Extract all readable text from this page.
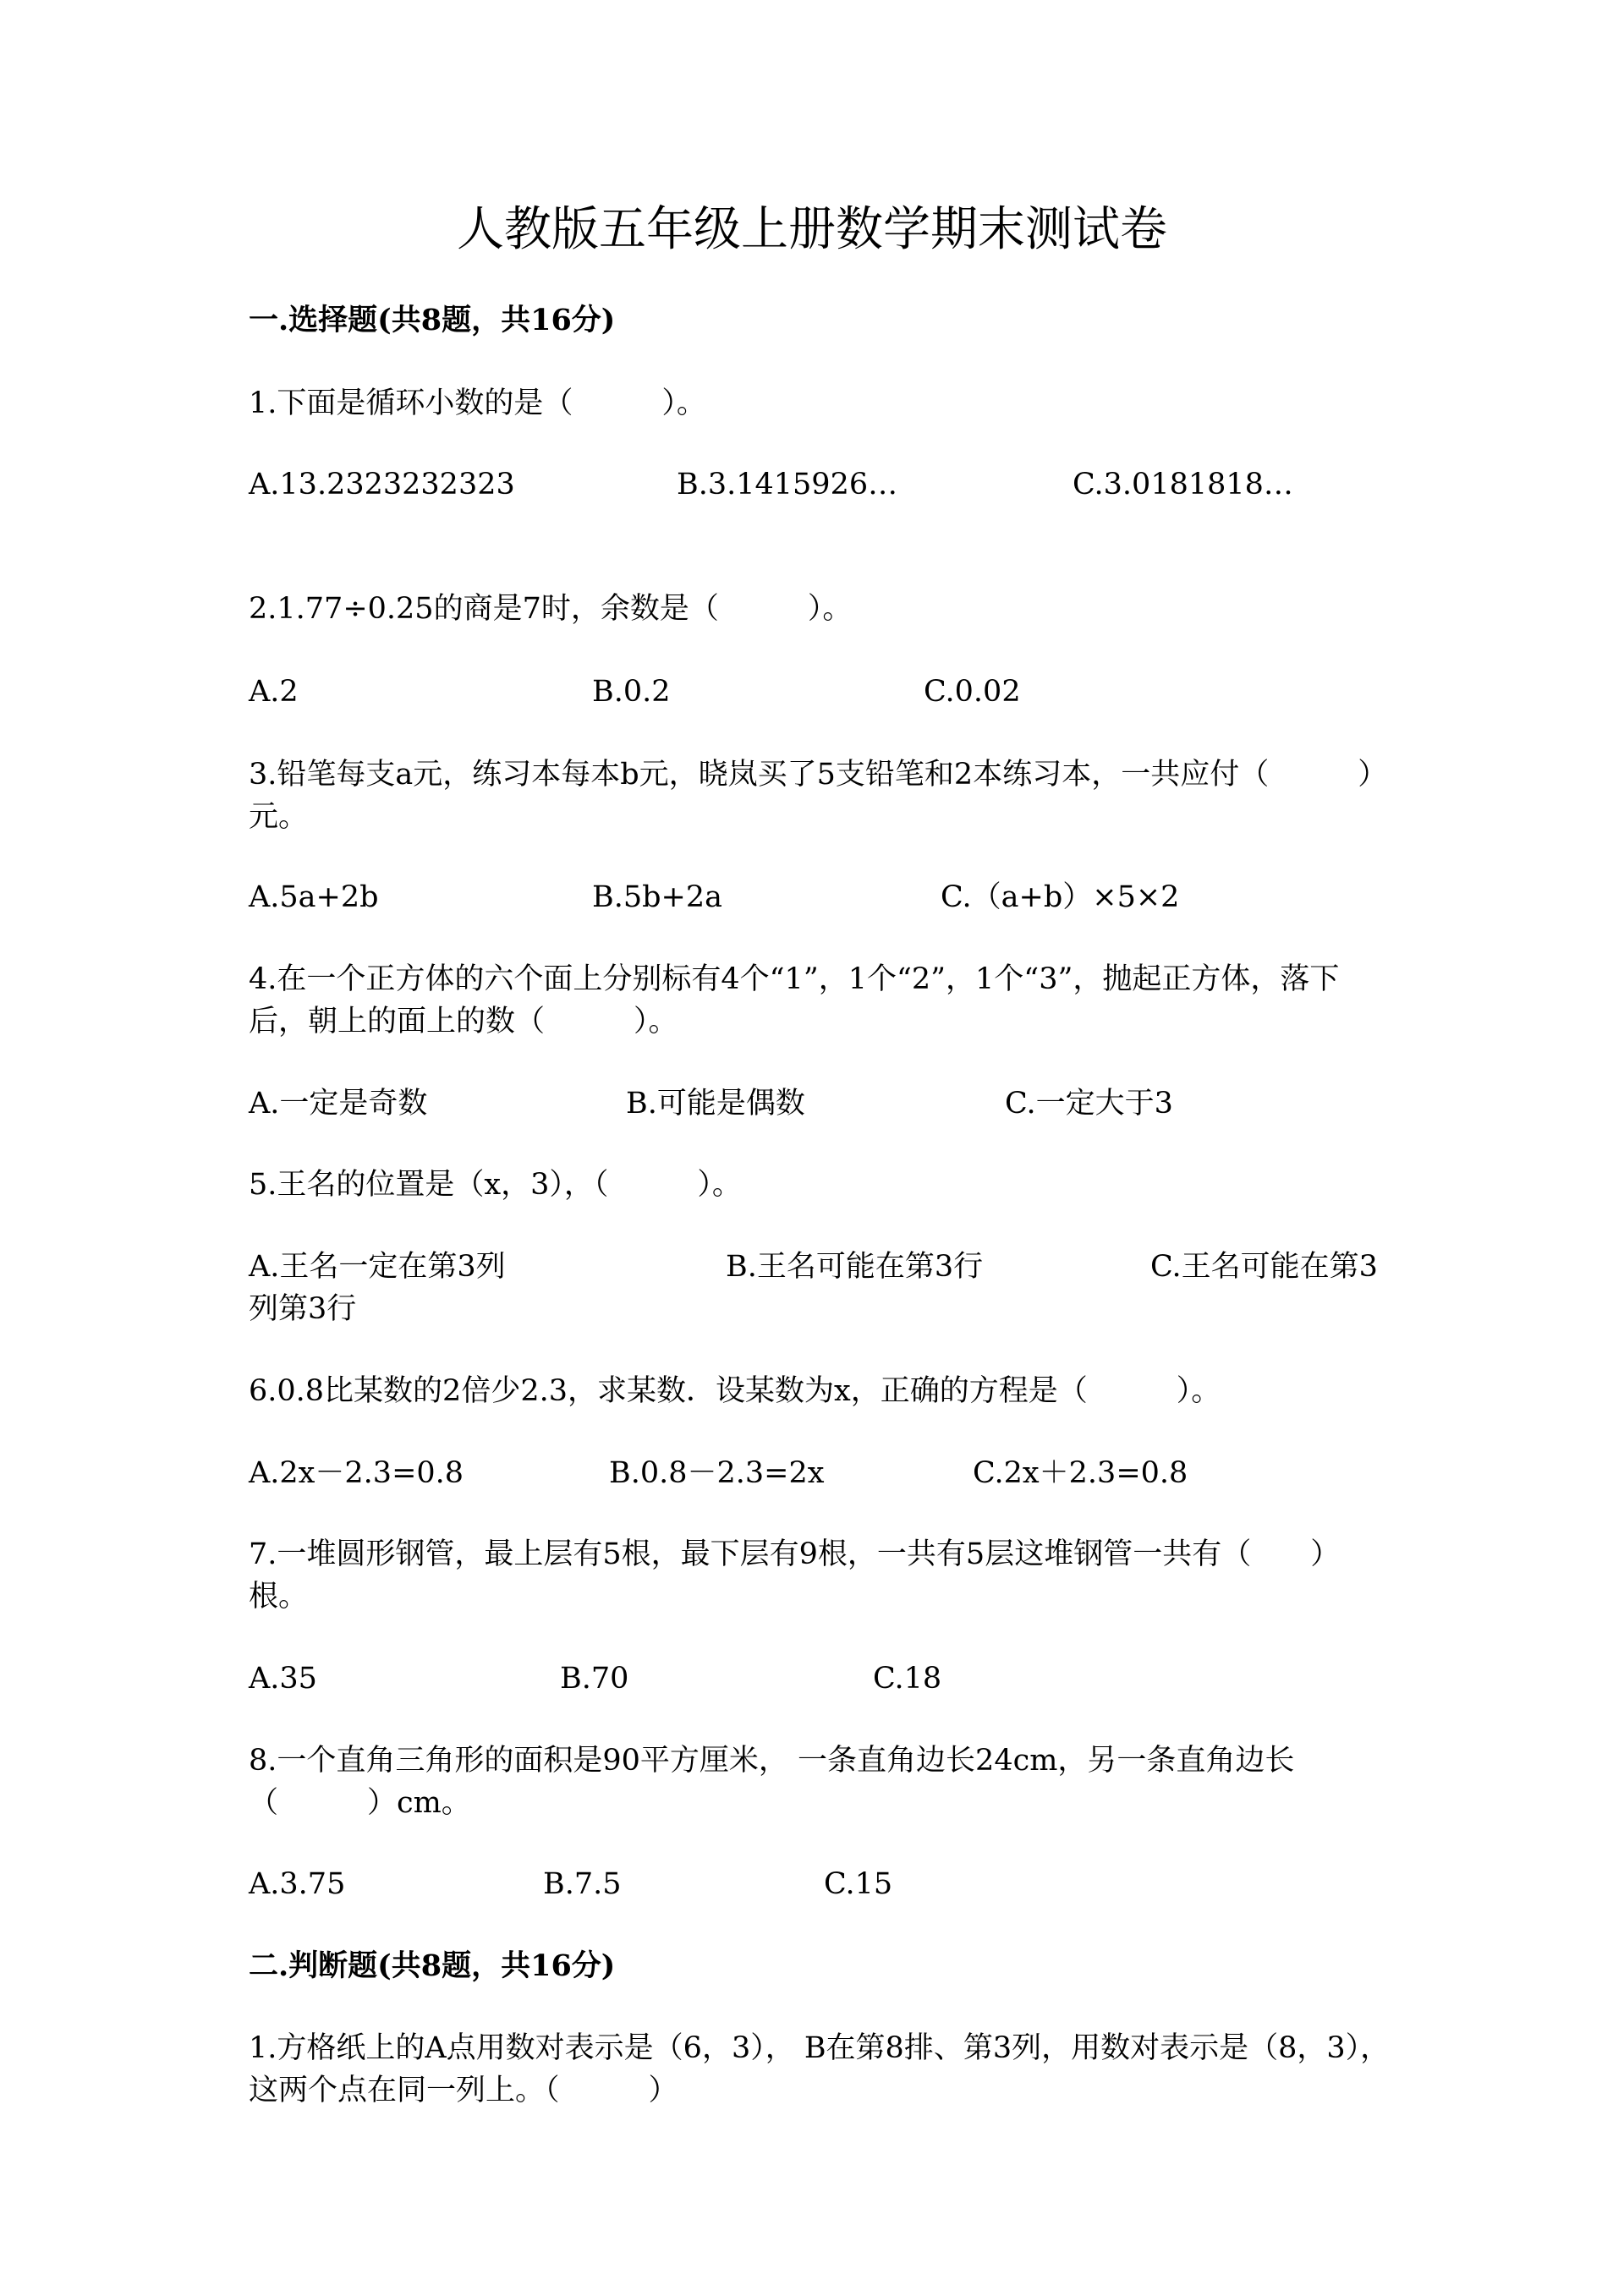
人教版五年级上册数学期末测试卷
一.选择题(共8题，共16分)
1.下面是循环小数的是（　　　）。
A.13.2323232323	B.3.1415926…	C.3.0181818…
2.1.77÷0.25的商是7时，余数是（　　　）。
A.2	B.0.2	C.0.02
3.铅笔每支a元，练习本每本b元，晓岚买了5支铅笔和2本练习本，一共应付（　　　）元。
A.5a+2b	B.5b+2a	C.（a+b）×5×2
4.在一个正方体的六个面上分别标有4个“1”，1个“2”，1个“3”，抛起正方体，落下后，朝上的面上的数（　　　）。
A.一定是奇数	B.可能是偶数	C.一定大于3
5.王名的位置是（x，3），（　　　）。
A.王名一定在第3列	B.王名可能在第3行	C.王名可能在第3列第3行
6.0.8比某数的2倍少2.3，求某数．设某数为x，正确的方程是（　　　）。
A.2x－2.3=0.8	B.0.8－2.3=2x	C.2x＋2.3=0.8
7.一堆圆形钢管，最上层有5根，最下层有9根，一共有5层这堆钢管一共有（　　）根。
A.35	B.70	C.18
8.一个直角三角形的面积是90平方厘米， 一条直角边长24cm，另一条直角边长（　　　）cm。
A.3.75	B.7.5	C.15
二.判断题(共8题，共16分)
1.方格纸上的A点用数对表示是（6，3）， B在第8排、第3列，用数对表示是（8，3），这两个点在同一列上。（　　　）
